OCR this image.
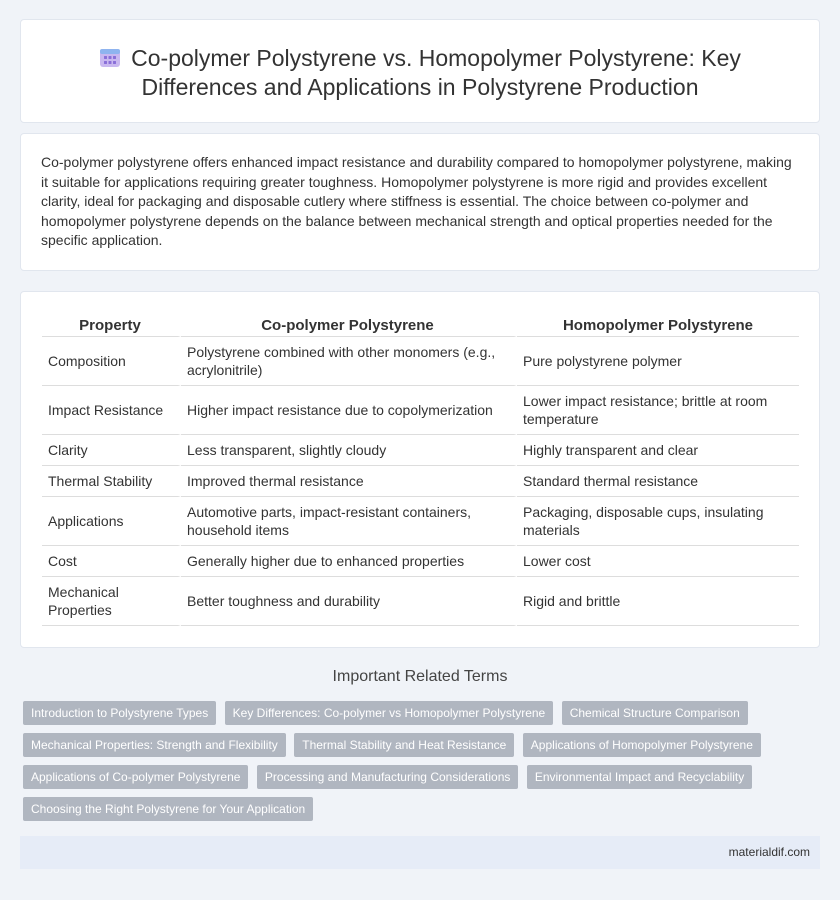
Co-polymer Polystyrene vs. Homopolymer Polystyrene: Key Differences and Applications in Polystyrene Production

Co-polymer polystyrene offers enhanced impact resistance and durability compared to homopolymer polystyrene, making it suitable for applications requiring greater toughness. Homopolymer polystyrene is more rigid and provides excellent clarity, ideal for packaging and disposable cutlery where stiffness is essential. The choice between co-polymer and homopolymer polystyrene depends on the balance between mechanical strength and optical properties needed for the specific application.

Property	Co-polymer Polystyrene	Homopolymer Polystyrene
Composition	Polystyrene combined with other monomers (e.g., acrylonitrile)	Pure polystyrene polymer
Impact Resistance	Higher impact resistance due to copolymerization	Lower impact resistance; brittle at room temperature
Clarity	Less transparent, slightly cloudy	Highly transparent and clear
Thermal Stability	Improved thermal resistance	Standard thermal resistance
Applications	Automotive parts, impact-resistant containers, household items	Packaging, disposable cups, insulating materials
Cost	Generally higher due to enhanced properties	Lower cost
Mechanical Properties	Better toughness and durability	Rigid and brittle
Important Related Terms
Introduction to Polystyrene Types Key Differences: Co-polymer vs Homopolymer Polystyrene Chemical Structure Comparison Mechanical Properties: Strength and Flexibility Thermal Stability and Heat Resistance Applications of Homopolymer Polystyrene Applications of Co-polymer Polystyrene Processing and Manufacturing Considerations Environmental Impact and Recyclability Choosing the Right Polystyrene for Your Application
materialdif.com
